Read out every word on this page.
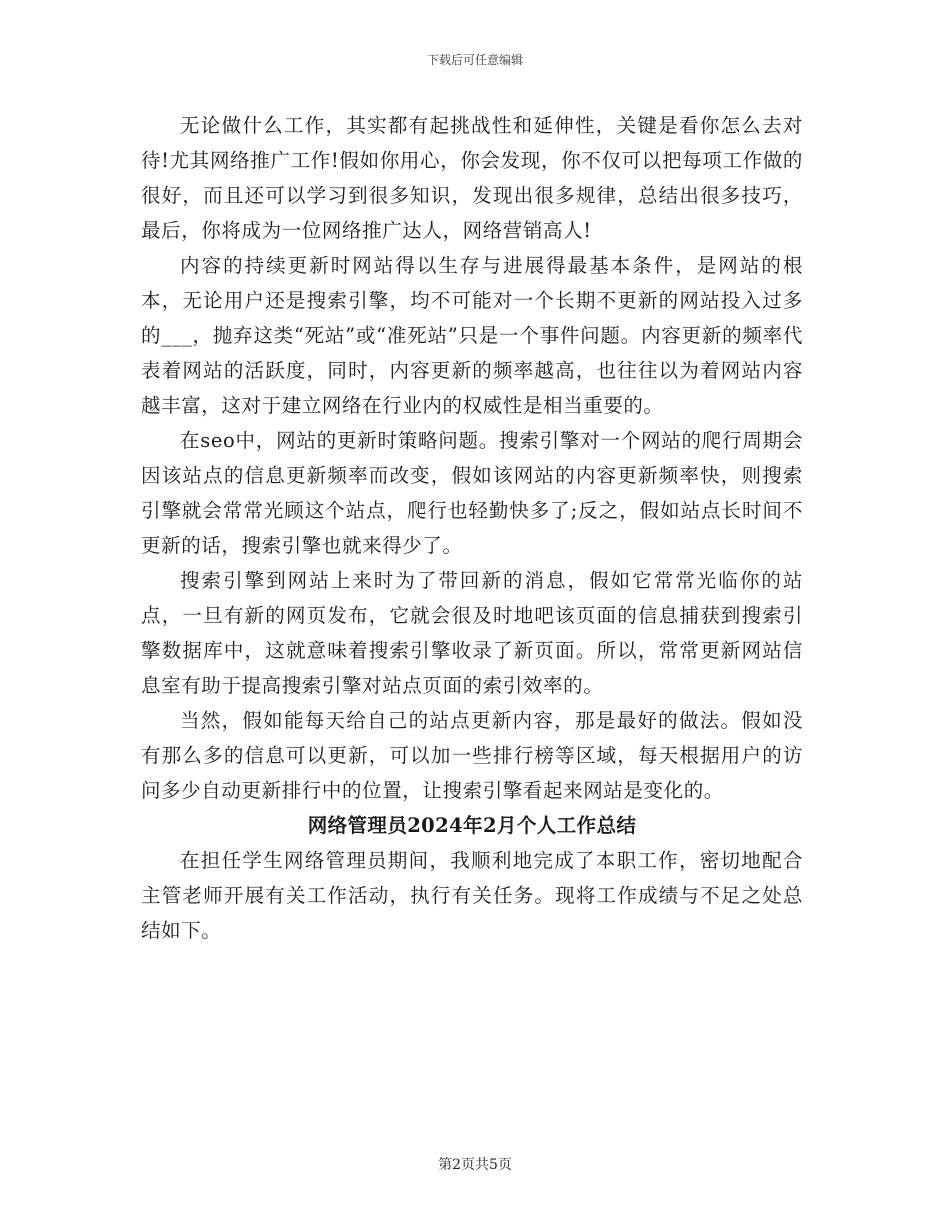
下载后可任意编辑

无论做什么工作，其实都有起挑战性和延伸性，关键是看你怎么去对待!尤其网络推广工作!假如你用心，你会发现，你不仅可以把每项工作做的很好，而且还可以学习到很多知识，发现出很多规律，总结出很多技巧，最后，你将成为一位网络推广达人，网络营销高人!

内容的持续更新时网站得以生存与进展得最基本条件，是网站的根本，无论用户还是搜索引擎，均不可能对一个长期不更新的网站投入过多的___，抛弃这类“死站”或“准死站”只是一个事件问题。内容更新的频率代表着网站的活跃度，同时，内容更新的频率越高，也往往以为着网站内容越丰富，这对于建立网络在行业内的权威性是相当重要的。

在seo中，网站的更新时策略问题。搜索引擎对一个网站的爬行周期会因该站点的信息更新频率而改变，假如该网站的内容更新频率快，则搜索引擎就会常常光顾这个站点，爬行也轻勤快多了;反之，假如站点长时间不更新的话，搜索引擎也就来得少了。

搜索引擎到网站上来时为了带回新的消息，假如它常常光临你的站点，一旦有新的网页发布，它就会很及时地吧该页面的信息捕获到搜索引擎数据库中，这就意味着搜索引擎收录了新页面。所以，常常更新网站信息室有助于提高搜索引擎对站点页面的索引效率的。

当然，假如能每天给自己的站点更新内容，那是最好的做法。假如没有那么多的信息可以更新，可以加一些排行榜等区域，每天根据用户的访问多少自动更新排行中的位置，让搜索引擎看起来网站是变化的。

网络管理员2024年2月个人工作总结

在担任学生网络管理员期间，我顺利地完成了本职工作，密切地配合主管老师开展有关工作活动，执行有关任务。现将工作成绩与不足之处总结如下。

第2页共5页
